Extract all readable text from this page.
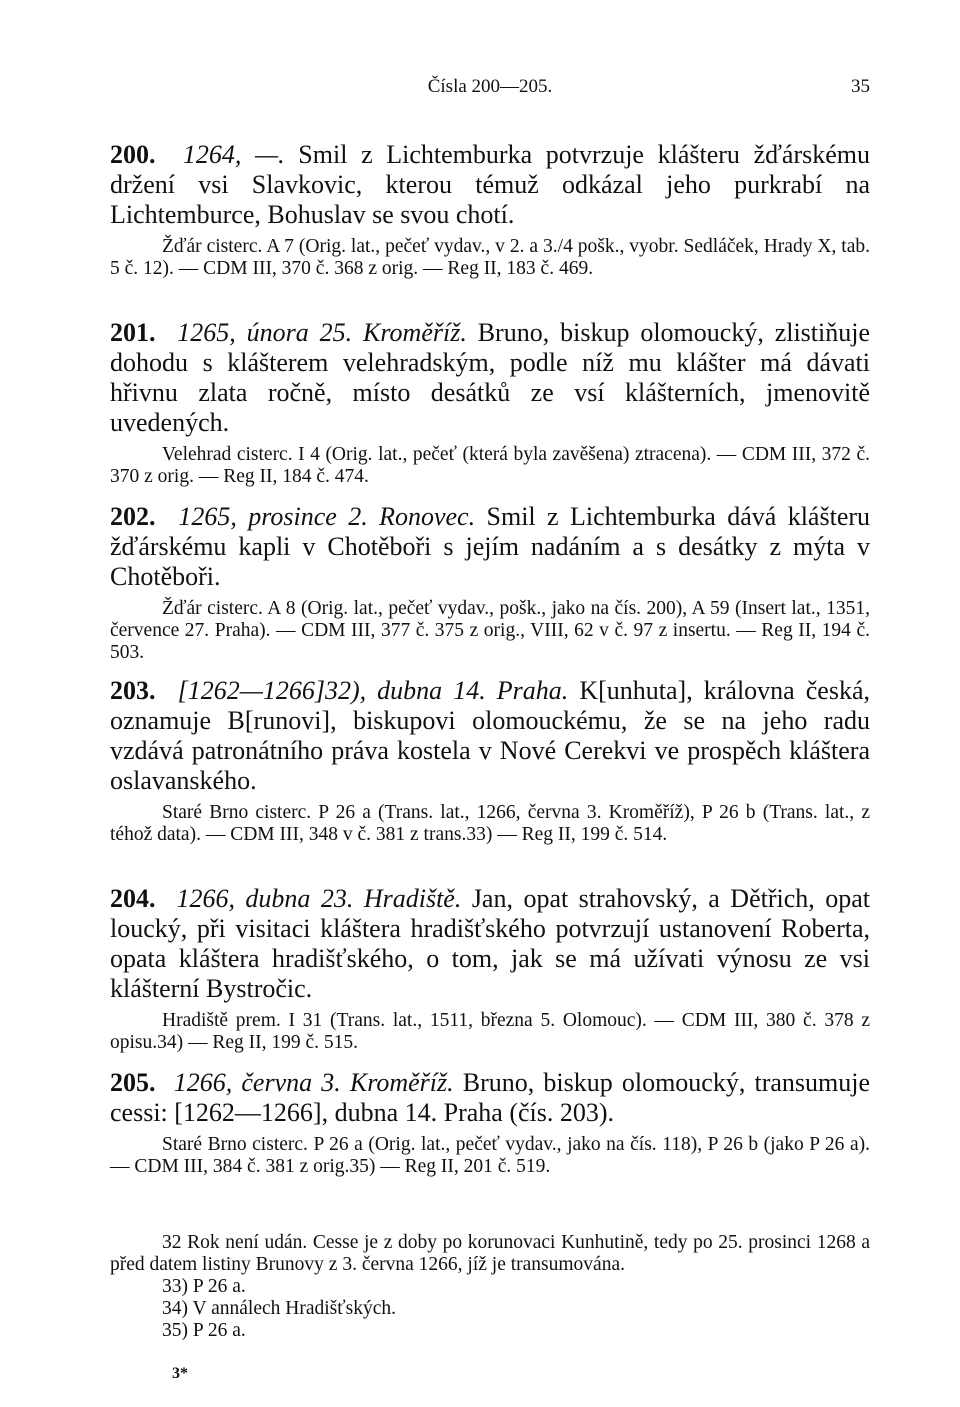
Čísla 200—205.	35

200. 1264, —. Smil z Lichtemburka potvrzuje klášteru žďárskému držení vsi Slavkovic, kterou témuž odkázal jeho purkrabí na Lichtemburce, Bohuslav se svou chotí.

Žďár cisterc. A 7 (Orig. lat., pečeť vydav., v 2. a 3./4 pošk., vyobr. Sedláček, Hrady X, tab. 5 č. 12). — CDM III, 370 č. 368 z orig. — Reg II, 183 č. 469.

201. 1265, února 25. Kroměříž. Bruno, biskup olomoucký, zlistiňuje dohodu s klášterem velehradským, podle níž mu klášter má dávati hřivnu zlata ročně, místo desátků ze vsí klášterních, jmenovitě uvedených.

Velehrad cisterc. I 4 (Orig. lat., pečeť (která byla zavěšena) ztracena). — CDM III, 372 č. 370 z orig. — Reg II, 184 č. 474.

202. 1265, prosince 2. Ronovec. Smil z Lichtemburka dává klášteru žďárskému kapli v Chotěboři s jejím nadáním a s desátky z mýta v Chotěboři.

Žďár cisterc. A 8 (Orig. lat., pečeť vydav., pošk., jako na čís. 200), A 59 (Insert lat., 1351, července 27. Praha). — CDM III, 377 č. 375 z orig., VIII, 62 v č. 97 z insertu. — Reg II, 194 č. 503.

203. [1262—1266]32), dubna 14. Praha. K[unhuta], královna česká, oznamuje B[runovi], biskupovi olomouckému, že se na jeho radu vzdává patronátního práva kostela v Nové Cerekvi ve prospěch kláštera oslavanského.

Staré Brno cisterc. P 26 a (Trans. lat., 1266, června 3. Kroměříž), P 26 b (Trans. lat., z téhož data). — CDM III, 348 v č. 381 z trans.33) — Reg II, 199 č. 514.

204. 1266, dubna 23. Hradiště. Jan, opat strahovský, a Dětřich, opat loucký, při visitaci kláštera hradišťského potvrzují ustanovení Roberta, opata kláštera hradišťského, o tom, jak se má užívati výnosu ze vsi klášterní Bystročic.

Hradiště prem. I 31 (Trans. lat., 1511, března 5. Olomouc). — CDM III, 380 č. 378 z opisu.34) — Reg II, 199 č. 515.

205. 1266, června 3. Kroměříž. Bruno, biskup olomoucký, transumuje cessi: [1262—1266], dubna 14. Praha (čís. 203).

Staré Brno cisterc. P 26 a (Orig. lat., pečeť vydav., jako na čís. 118), P 26 b (jako P 26 a). — CDM III, 384 č. 381 z orig.35) — Reg II, 201 č. 519.

32 Rok není udán. Cesse je z doby po korunovaci Kunhutině, tedy po 25. prosinci 1268 a před datem listiny Brunovy z 3. června 1266, jíž je transumována.

33) P 26 a.

34) V annálech Hradišťských.

35) P 26 a.

3*
